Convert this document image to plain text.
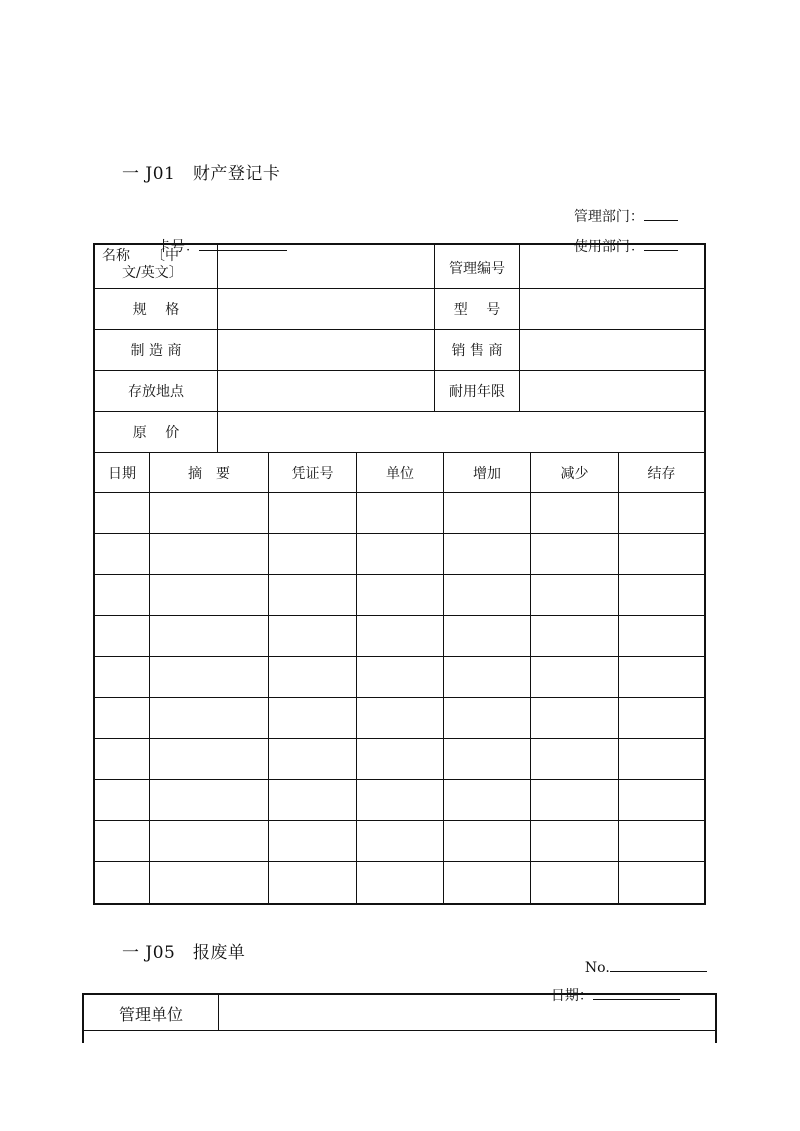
一 J01　财产登记卡

管理部门：

卡号：	使用部门：

名称　　〔中
文/英文〕	管理编号
规　 格	型　 号
制 造 商	销 售 商
存放地点	耐用年限
原　 价
日期	摘　要	凭证号	单位	增加	减少	结存
一 J05　报废单

No.

日期：

管理单位
